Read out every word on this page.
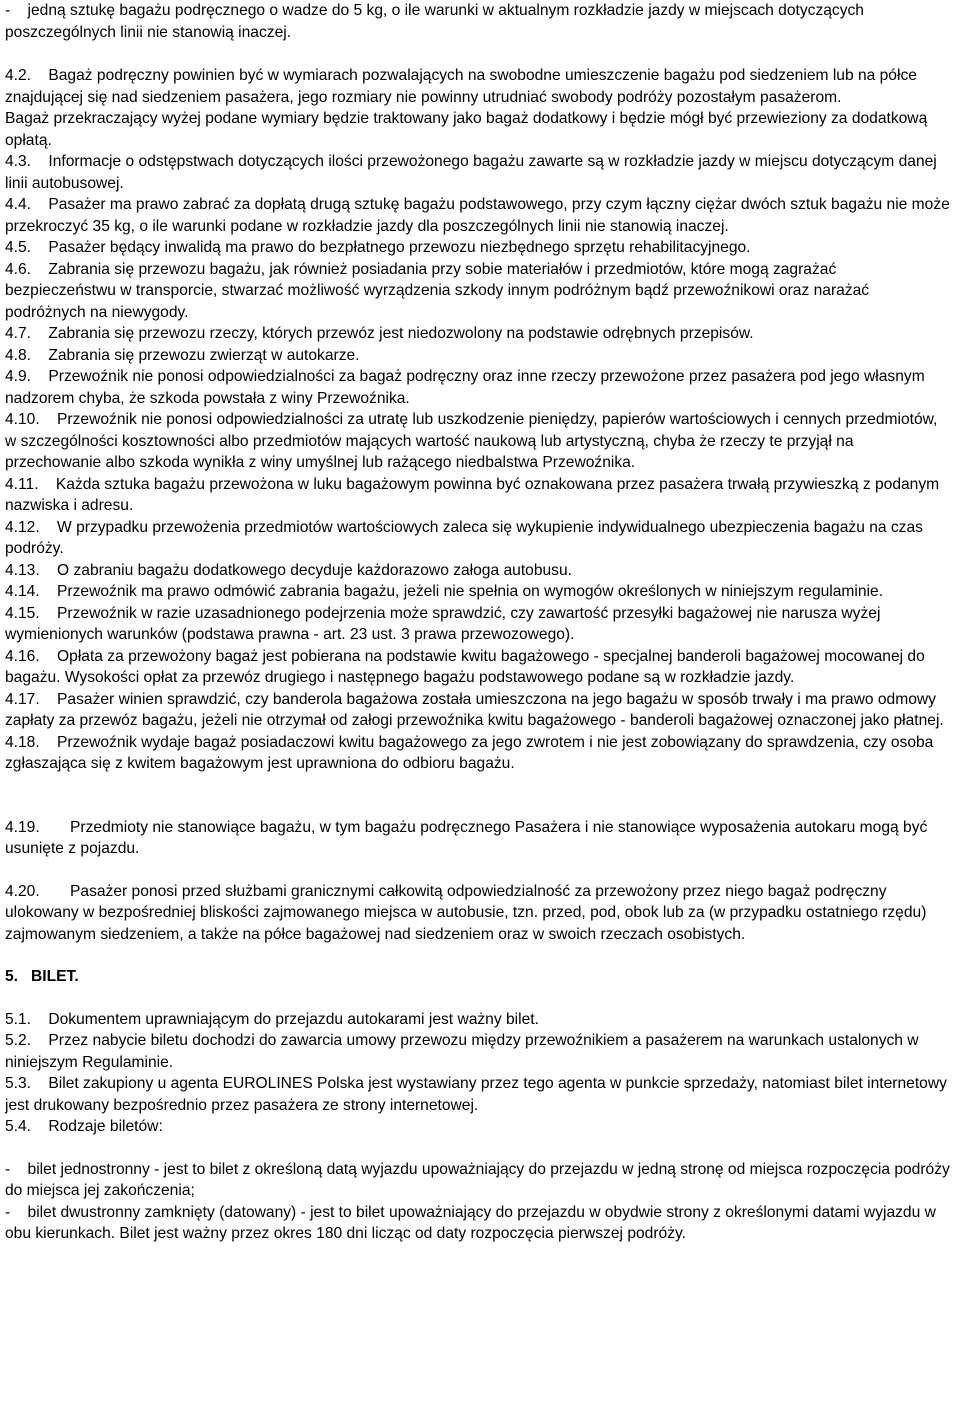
- jedną sztukę bagażu podręcznego o wadze do 5 kg, o ile warunki w aktualnym rozkładzie jazdy w miejscach dotyczących poszczególnych linii nie stanowią inaczej.

4.2. Bagaż podręczny powinien być w wymiarach pozwalających na swobodne umieszczenie bagażu pod siedzeniem lub na półce znajdującej się nad siedzeniem pasażera, jego rozmiary nie powinny utrudniać swobody podróży pozostałym pasażerom.

Bagaż przekraczający wyżej podane wymiary będzie traktowany jako bagaż dodatkowy i będzie mógł być przewieziony za dodatkową opłatą.

4.3. Informacje o odstępstwach dotyczących ilości przewożonego bagażu zawarte są w rozkładzie jazdy w miejscu dotyczącym danej linii autobusowej.

4.4. Pasażer ma prawo zabrać za dopłatą drugą sztukę bagażu podstawowego, przy czym łączny ciężar dwóch sztuk bagażu nie może przekroczyć 35 kg, o ile warunki podane w rozkładzie jazdy dla poszczególnych linii nie stanowią inaczej.

4.5. Pasażer będący inwalidą ma prawo do bezpłatnego przewozu niezbędnego sprzętu rehabilitacyjnego.

4.6. Zabrania się przewozu bagażu, jak również posiadania przy sobie materiałów i przedmiotów, które mogą zagrażać bezpieczeństwu w transporcie, stwarzać możliwość wyrządzenia szkody innym podróżnym bądź przewoźnikowi oraz narażać podróżnych na niewygody.

4.7. Zabrania się przewozu rzeczy, których przewóz jest niedozwolony na podstawie odrębnych przepisów.

4.8. Zabrania się przewozu zwierząt w autokarze.

4.9. Przewoźnik nie ponosi odpowiedzialności za bagaż podręczny oraz inne rzeczy przewożone przez pasażera pod jego własnym nadzorem chyba, że szkoda powstała z winy Przewoźnika.

4.10. Przewoźnik nie ponosi odpowiedzialności za utratę lub uszkodzenie pieniędzy, papierów wartościowych i cennych przedmiotów, w szczególności kosztowności albo przedmiotów mających wartość naukową lub artystyczną, chyba że rzeczy te przyjął na przechowanie albo szkoda wynikła z winy umyślnej lub rażącego niedbalstwa Przewoźnika.

4.11. Każda sztuka bagażu przewożona w luku bagażowym powinna być oznakowana przez pasażera trwałą przywieszką z podanym nazwiska i adresu.

4.12. W przypadku przewożenia przedmiotów wartościowych zaleca się wykupienie indywidualnego ubezpieczenia bagażu na czas podróży.

4.13. O zabraniu bagażu dodatkowego decyduje każdorazowo załoga autobusu.

4.14. Przewoźnik ma prawo odmówić zabrania bagażu, jeżeli nie spełnia on wymogów określonych w niniejszym regulaminie.

4.15. Przewoźnik w razie uzasadnionego podejrzenia może sprawdzić, czy zawartość przesyłki bagażowej nie narusza wyżej wymienionych warunków (podstawa prawna - art. 23 ust. 3 prawa przewozowego).

4.16. Opłata za przewożony bagaż jest pobierana na podstawie kwitu bagażowego - specjalnej banderoli bagażowej mocowanej do bagażu. Wysokości opłat za przewóz drugiego i następnego bagażu podstawowego podane są w rozkładzie jazdy.

4.17. Pasażer winien sprawdzić, czy banderola bagażowa została umieszczona na jego bagażu w sposób trwały i ma prawo odmowy zapłaty za przewóz bagażu, jeżeli nie otrzymał od załogi przewoźnika kwitu bagażowego - banderoli bagażowej oznaczonej jako płatnej.

4.18. Przewoźnik wydaje bagaż posiadaczowi kwitu bagażowego za jego zwrotem i nie jest zobowiązany do sprawdzenia, czy osoba zgłaszająca się z kwitem bagażowym jest uprawniona do odbioru bagażu.

4.19. Przedmioty nie stanowiące bagażu, w tym bagażu podręcznego Pasażera i nie stanowiące wyposażenia autokaru mogą być usunięte z pojazdu.

4.20. Pasażer ponosi przed służbami granicznymi całkowitą odpowiedzialność za przewożony przez niego bagaż podręczny ulokowany w bezpośredniej bliskości zajmowanego miejsca w autobusie, tzn. przed, pod, obok lub za (w przypadku ostatniego rzędu) zajmowanym siedzeniem, a także na półce bagażowej nad siedzeniem oraz w swoich rzeczach osobistych.

5. BILET.

5.1. Dokumentem uprawniającym do przejazdu autokarami jest ważny bilet.

5.2. Przez nabycie biletu dochodzi do zawarcia umowy przewozu między przewoźnikiem a pasażerem na warunkach ustalonych w niniejszym Regulaminie.

5.3. Bilet zakupiony u agenta EUROLINES Polska jest wystawiany przez tego agenta w punkcie sprzedaży, natomiast bilet internetowy jest drukowany bezpośrednio przez pasażera ze strony internetowej.

5.4. Rodzaje biletów:

- bilet jednostronny - jest to bilet z określoną datą wyjazdu upoważniający do przejazdu w jedną stronę od miejsca rozpoczęcia podróży do miejsca jej zakończenia;

- bilet dwustronny zamknięty (datowany) - jest to bilet upoważniający do przejazdu w obydwie strony z określonymi datami wyjazdu w obu kierunkach. Bilet jest ważny przez okres 180 dni licząc od daty rozpoczęcia pierwszej podróży.
